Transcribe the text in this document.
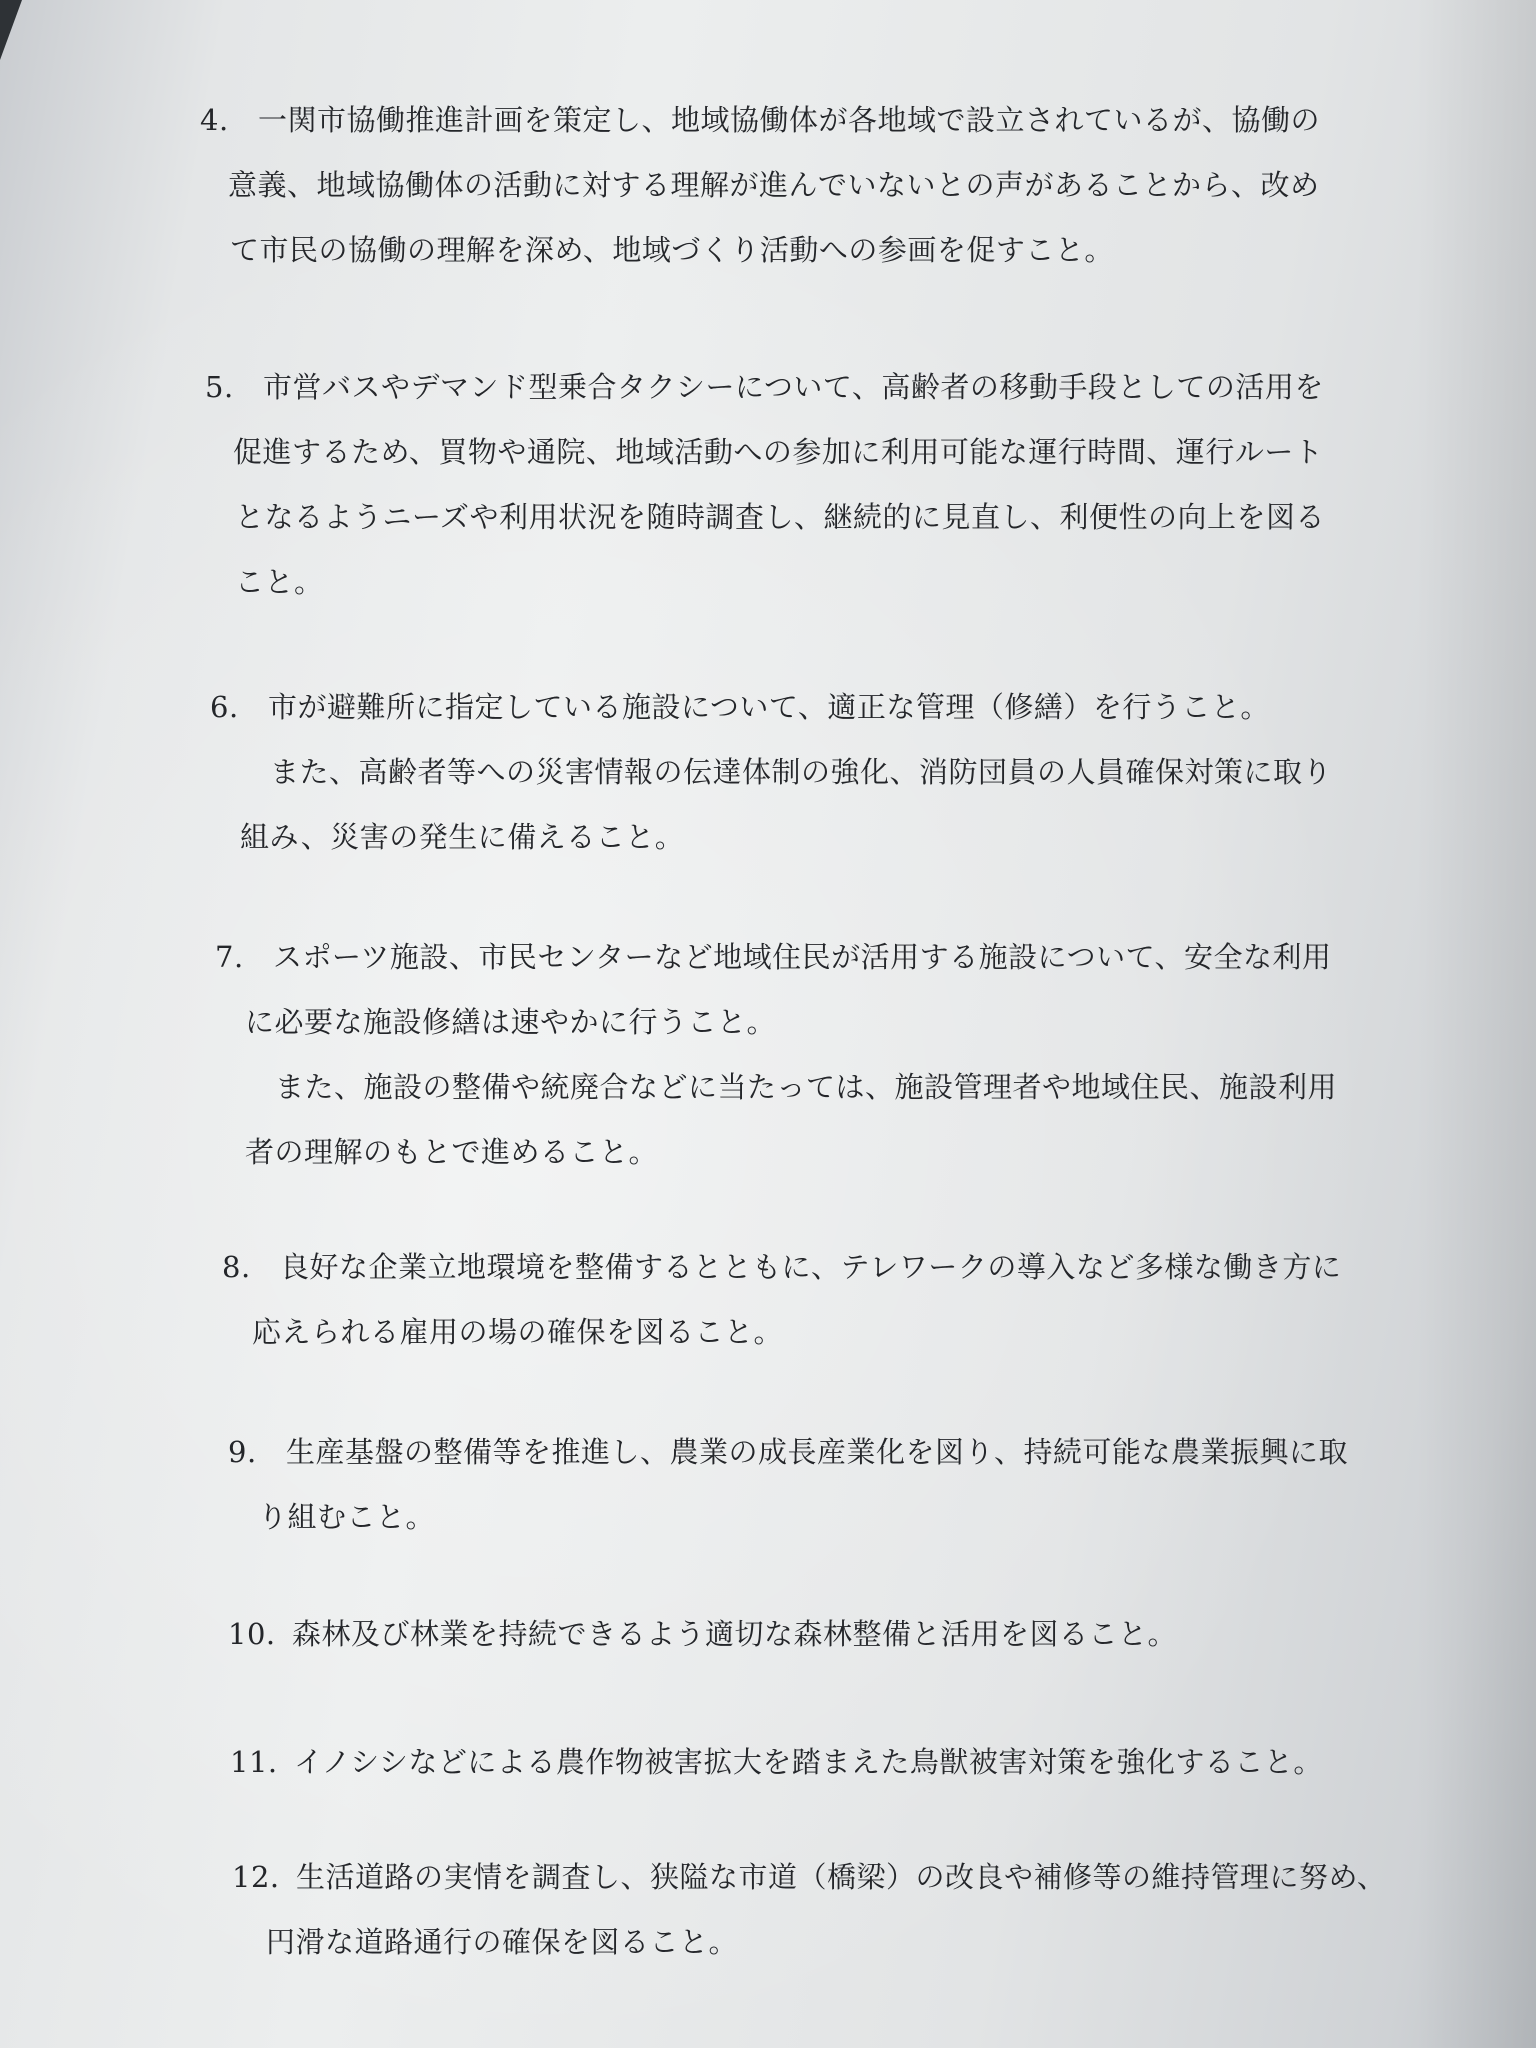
4. 一関市協働推進計画を策定し、地域協働体が各地域で設立されているが、協働の
意義、地域協働体の活動に対する理解が進んでいないとの声があることから、改め
て市民の協働の理解を深め、地域づくり活動への参画を促すこと。
5. 市営バスやデマンド型乗合タクシーについて、高齢者の移動手段としての活用を
促進するため、買物や通院、地域活動への参加に利用可能な運行時間、運行ルート
となるようニーズや利用状況を随時調査し、継続的に見直し、利便性の向上を図る
こと。
6. 市が避難所に指定している施設について、適正な管理（修繕）を行うこと。
また、高齢者等への災害情報の伝達体制の強化、消防団員の人員確保対策に取り
組み、災害の発生に備えること。
7. スポーツ施設、市民センターなど地域住民が活用する施設について、安全な利用
に必要な施設修繕は速やかに行うこと。
また、施設の整備や統廃合などに当たっては、施設管理者や地域住民、施設利用
者の理解のもとで進めること。
8. 良好な企業立地環境を整備するとともに、テレワークの導入など多様な働き方に
応えられる雇用の場の確保を図ること。
9. 生産基盤の整備等を推進し、農業の成長産業化を図り、持続可能な農業振興に取
り組むこと。
10. 森林及び林業を持続できるよう適切な森林整備と活用を図ること。
11. イノシシなどによる農作物被害拡大を踏まえた鳥獣被害対策を強化すること。
12. 生活道路の実情を調査し、狭隘な市道（橋梁）の改良や補修等の維持管理に努め、
円滑な道路通行の確保を図ること。
